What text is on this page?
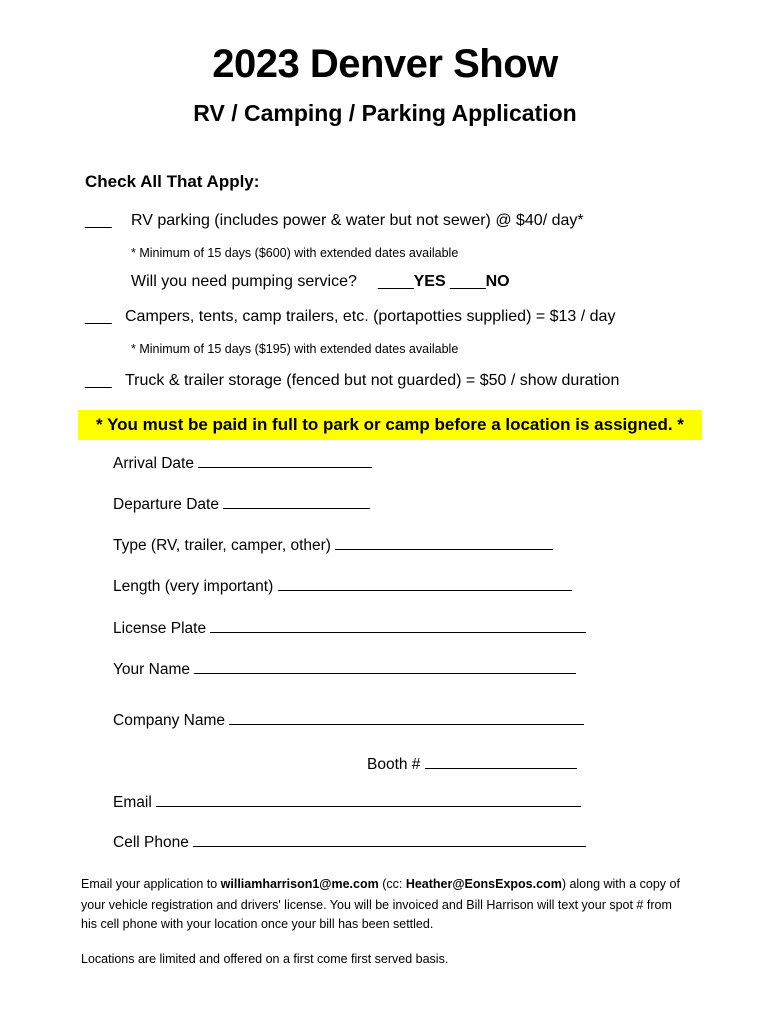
2023 Denver Show
RV / Camping / Parking Application
Check All That Apply:
___ RV parking (includes power & water but not sewer) @ $40/ day*
* Minimum of 15 days ($600) with extended dates available
Will you need pumping service? ____YES ____NO
___ Campers, tents, camp trailers, etc. (portapotties supplied) = $13 / day
* Minimum of 15 days ($195) with extended dates available
___ Truck & trailer storage (fenced but not guarded) = $50 / show duration
* You must be paid in full to park or camp before a location is assigned. *
Arrival Date
Departure Date
Type (RV, trailer, camper, other)
Length (very important)
License Plate
Your Name
Company Name
Booth #
Email
Cell Phone
Email your application to williamharrison1@me.com (cc: Heather@EonsExpos.com) along with a copy of
your vehicle registration and drivers' license. You will be invoiced and Bill Harrison will text your spot # from
his cell phone with your location once your bill has been settled.
Locations are limited and offered on a first come first served basis.
